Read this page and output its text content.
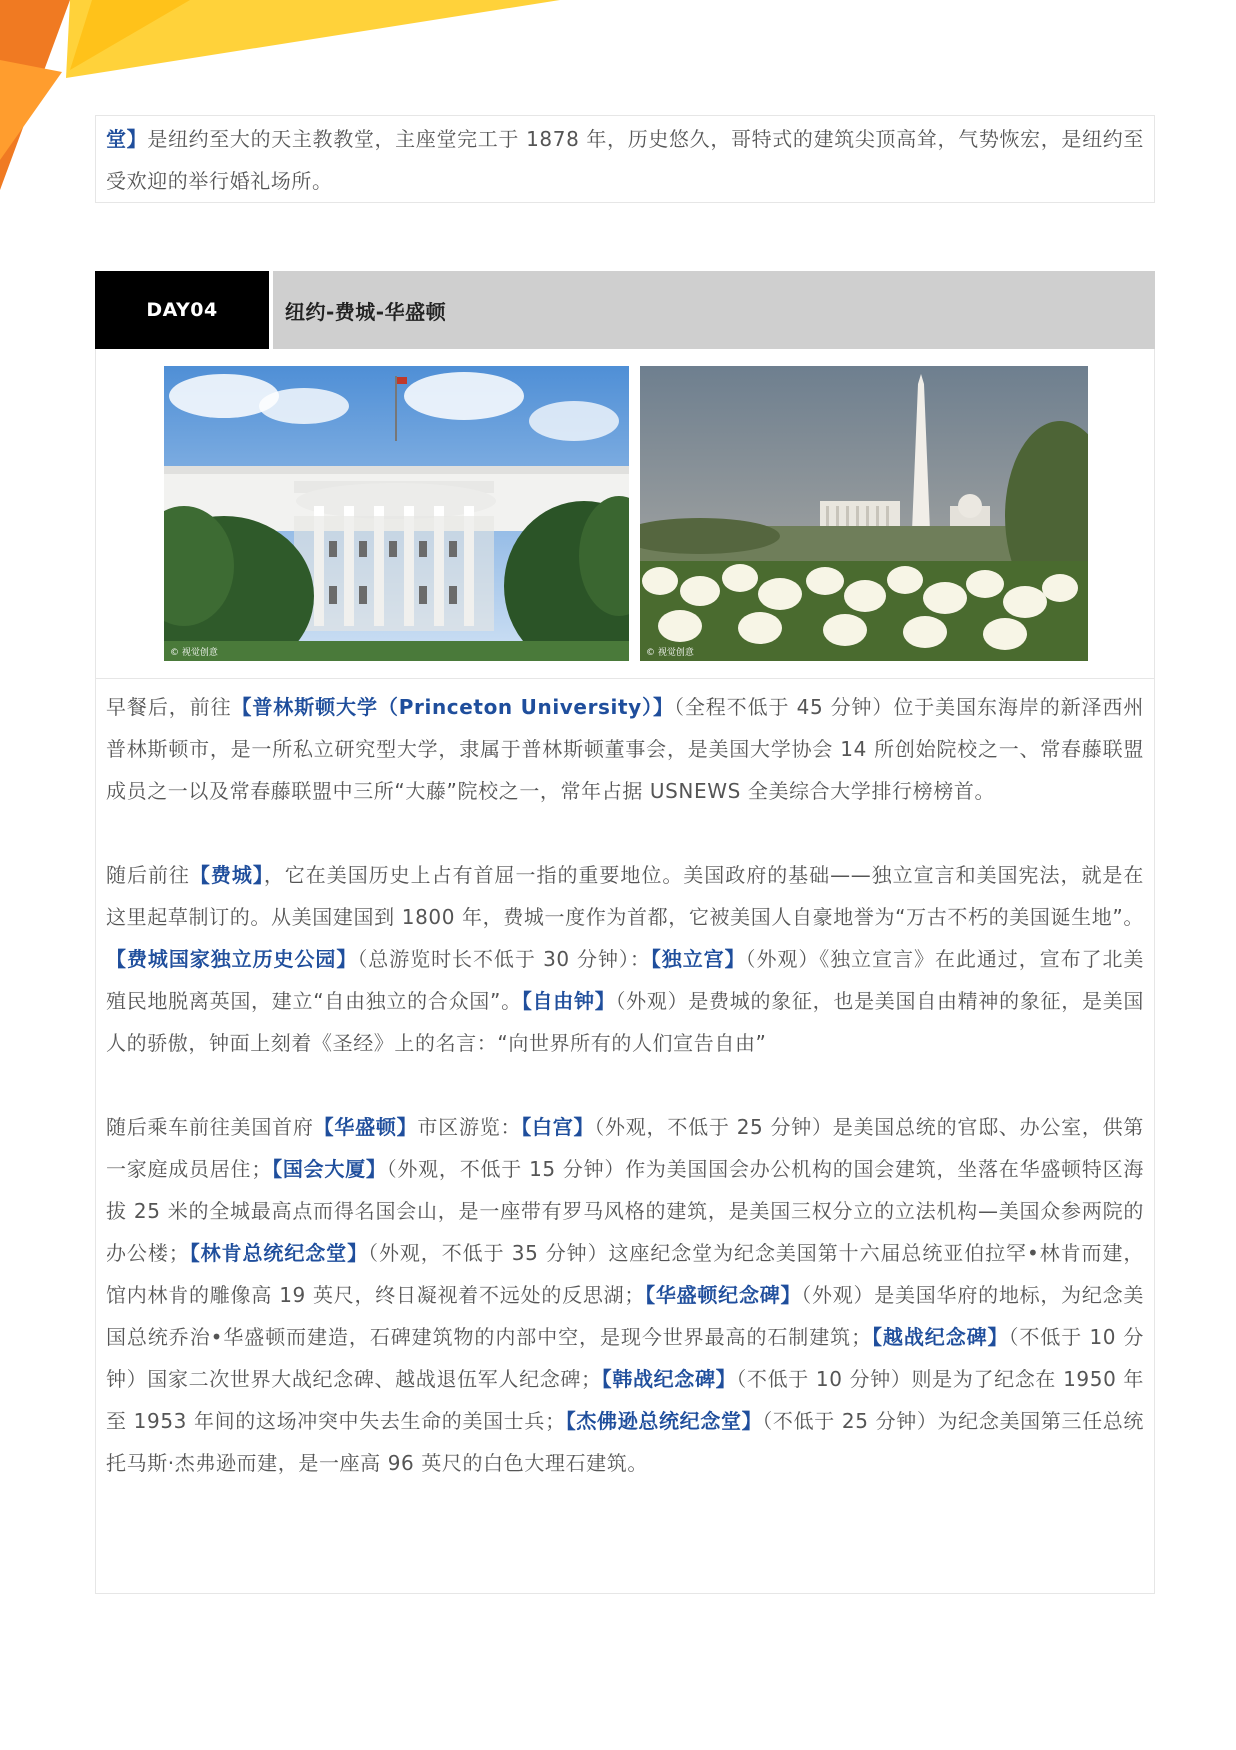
堂】是纽约至大的天主教教堂，主座堂完工于 1878 年，历史悠久，哥特式的建筑尖顶高耸，气势恢宏，是纽约至受欢迎的举行婚礼场所。

DAY04	纽约-费城-华盛顿
© 视觉创意	© 视觉创意

早餐后，前往【普林斯顿大学（Princeton University）】（全程不低于 45 分钟）位于美国东海岸的新泽西州普林斯顿市，是一所私立研究型大学，隶属于普林斯顿董事会，是美国大学协会 14 所创始院校之一、常春藤联盟成员之一以及常春藤联盟中三所“大藤”院校之一，常年占据 USNEWS 全美综合大学排行榜榜首。

随后前往【费城】，它在美国历史上占有首屈一指的重要地位。美国政府的基础——独立宣言和美国宪法，就是在这里起草制订的。从美国建国到 1800 年，费城一度作为首都，它被美国人自豪地誉为“万古不朽的美国诞生地”。【费城国家独立历史公园】（总游览时长不低于 30 分钟）：【独立宫】（外观）《独立宣言》在此通过，宣布了北美殖民地脱离英国，建立“自由独立的合众国”。【自由钟】（外观）是费城的象征，也是美国自由精神的象征，是美国人的骄傲，钟面上刻着《圣经》上的名言：“向世界所有的人们宣告自由”

随后乘车前往美国首府【华盛顿】市区游览：【白宫】（外观，不低于 25 分钟）是美国总统的官邸、办公室，供第一家庭成员居住；【国会大厦】（外观，不低于 15 分钟）作为美国国会办公机构的国会建筑，坐落在华盛顿特区海拔 25 米的全城最高点而得名国会山，是一座带有罗马风格的建筑，是美国三权分立的立法机构—美国众参两院的办公楼；【林肯总统纪念堂】（外观，不低于 35 分钟）这座纪念堂为纪念美国第十六届总统亚伯拉罕•林肯而建，馆内林肯的雕像高 19 英尺，终日凝视着不远处的反思湖；【华盛顿纪念碑】（外观）是美国华府的地标，为纪念美国总统乔治•华盛顿而建造，石碑建筑物的内部中空，是现今世界最高的石制建筑；【越战纪念碑】（不低于 10 分钟）国家二次世界大战纪念碑、越战退伍军人纪念碑；【韩战纪念碑】（不低于 10 分钟）则是为了纪念在 1950 年至 1953 年间的这场冲突中失去生命的美国士兵；【杰佛逊总统纪念堂】（不低于 25 分钟）为纪念美国第三任总统托马斯·杰弗逊而建，是一座高 96 英尺的白色大理石建筑。
